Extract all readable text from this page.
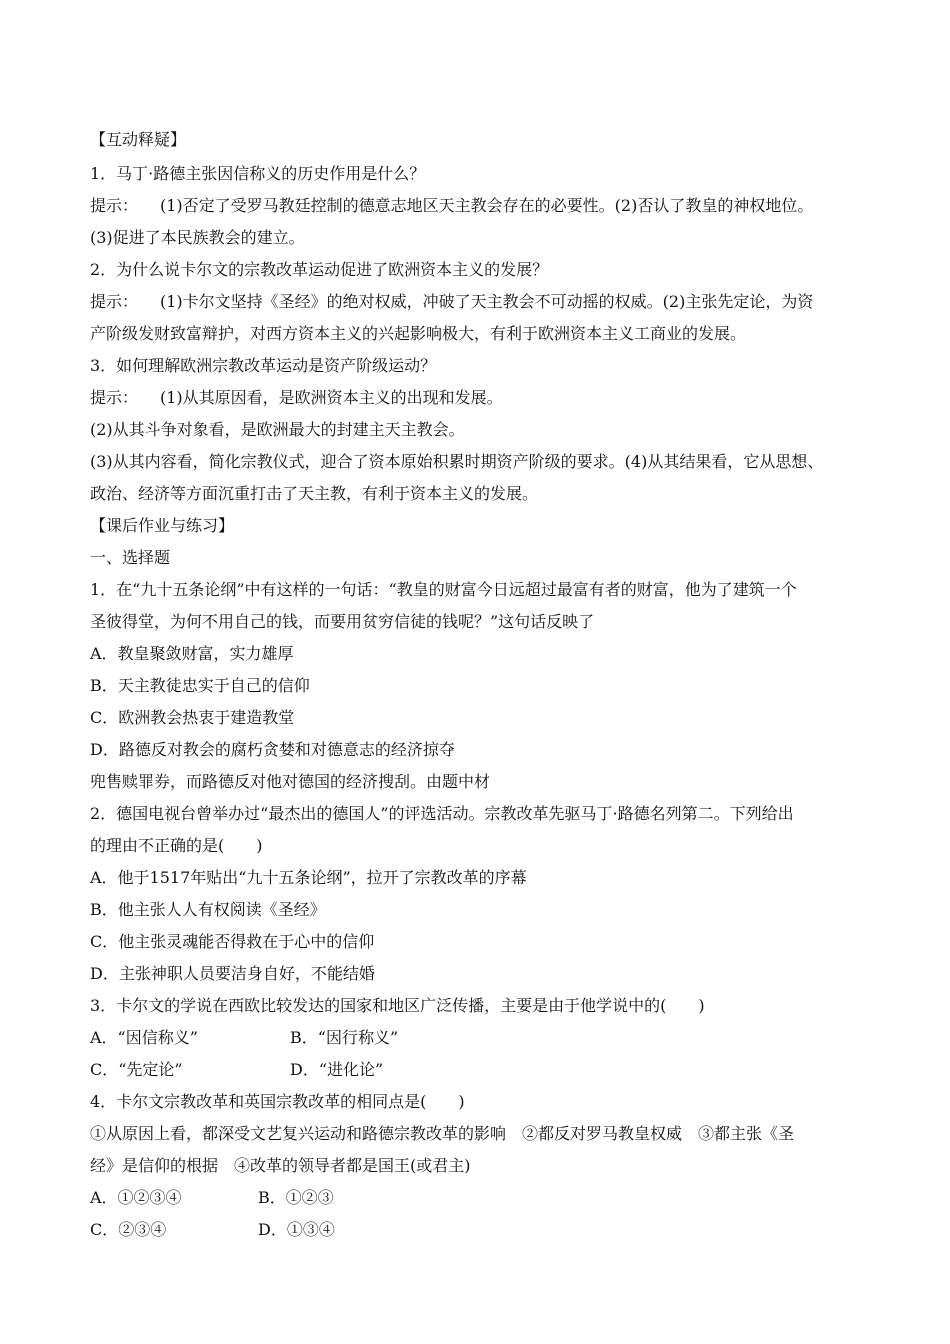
【互动释疑】
1．马丁·路德主张因信称义的历史作用是什么？
提示： (1)否定了受罗马教廷控制的德意志地区天主教会存在的必要性。(2)否认了教皇的神权地位。
(3)促进了本民族教会的建立。
2．为什么说卡尔文的宗教改革运动促进了欧洲资本主义的发展？
提示： (1)卡尔文坚持《圣经》的绝对权威，冲破了天主教会不可动摇的权威。(2)主张先定论，为资
产阶级发财致富辩护，对西方资本主义的兴起影响极大，有利于欧洲资本主义工商业的发展。
3．如何理解欧洲宗教改革运动是资产阶级运动？
提示： (1)从其原因看，是欧洲资本主义的出现和发展。
(2)从其斗争对象看，是欧洲最大的封建主天主教会。
(3)从其内容看，简化宗教仪式，迎合了资本原始积累时期资产阶级的要求。(4)从其结果看，它从思想、
政治、经济等方面沉重打击了天主教，有利于资本主义的发展。
【课后作业与练习】
一、选择题
1．在“九十五条论纲”中有这样的一句话：“教皇的财富今日远超过最富有者的财富，他为了建筑一个
圣彼得堂，为何不用自己的钱，而要用贫穷信徒的钱呢？”这句话反映了
A．教皇聚敛财富，实力雄厚
B．天主教徒忠实于自己的信仰
C．欧洲教会热衷于建造教堂
D．路德反对教会的腐朽贪婪和对德意志的经济掠夺
兜售赎罪券，而路德反对他对德国的经济搜刮。由题中材
2．德国电视台曾举办过“最杰出的德国人”的评选活动。宗教改革先驱马丁·路德名列第二。下列给出
的理由不正确的是(　　)
A．他于1517年贴出“九十五条论纲”，拉开了宗教改革的序幕
B．他主张人人有权阅读《圣经》
C．他主张灵魂能否得救在于心中的信仰
D．主张神职人员要洁身自好，不能结婚
3．卡尔文的学说在西欧比较发达的国家和地区广泛传播，主要是由于他学说中的(　　)
A．“因信称义”	B．“因行称义”
C．“先定论”	D．“进化论”
4．卡尔文宗教改革和英国宗教改革的相同点是(　　)
①从原因上看，都深受文艺复兴运动和路德宗教改革的影响　②都反对罗马教皇权威　③都主张《圣
经》是信仰的根据　④改革的领导者都是国王(或君主)
A．①②③④	B．①②③
C．②③④	D．①③④
